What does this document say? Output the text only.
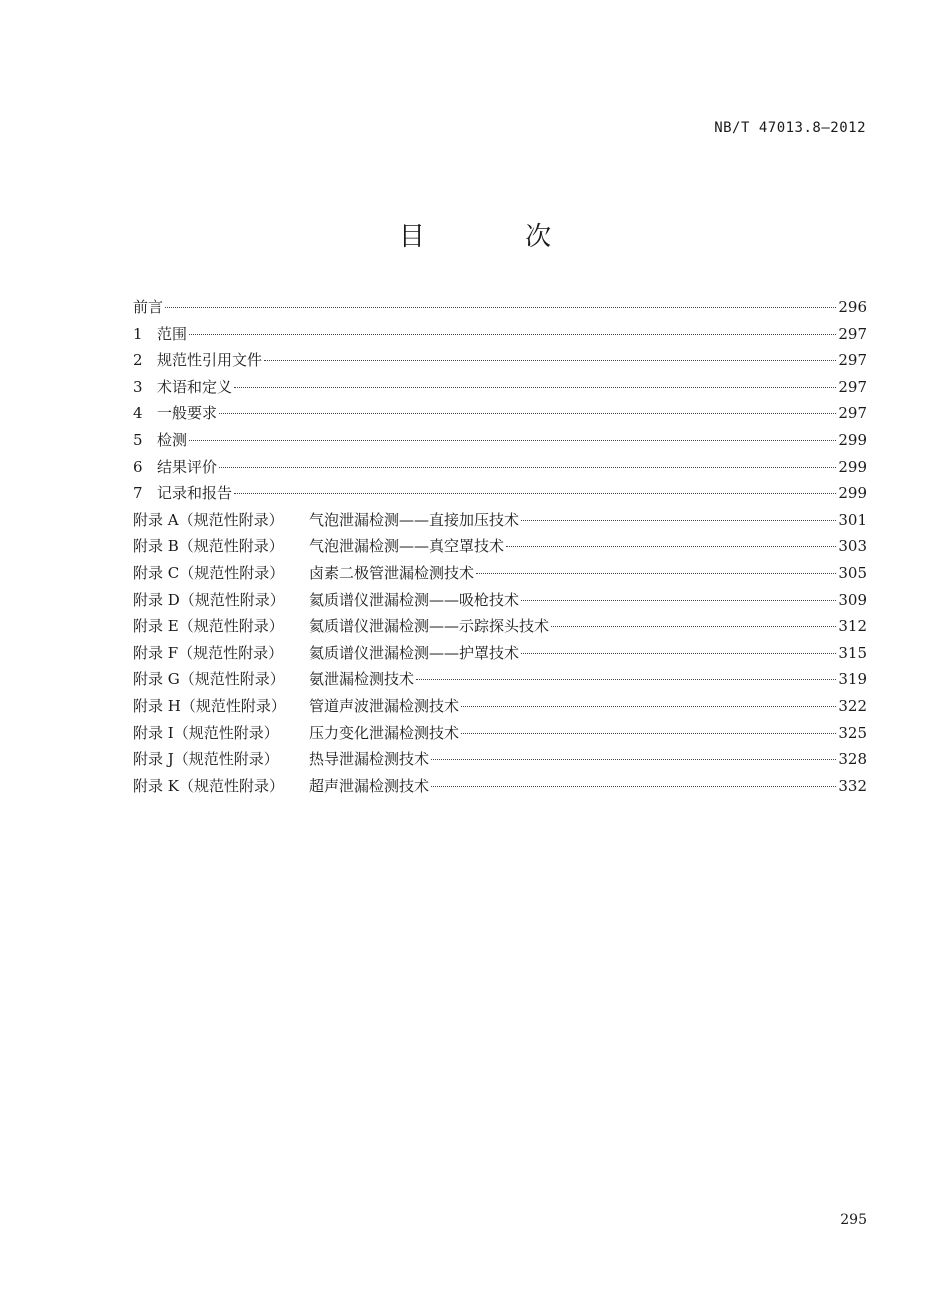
NB/T 47013.8—2012
目 次
前言	296
1 范围	297
2 规范性引用文件	297
3 术语和定义	297
4 一般要求	297
5 检测	299
6 结果评价	299
7 记录和报告	299
附录 A（规范性附录）	气泡泄漏检测——直接加压技术	301
附录 B（规范性附录）	气泡泄漏检测——真空罩技术	303
附录 C（规范性附录）	卤素二极管泄漏检测技术	305
附录 D（规范性附录）	氦质谱仪泄漏检测——吸枪技术	309
附录 E（规范性附录）	氦质谱仪泄漏检测——示踪探头技术	312
附录 F（规范性附录）	氦质谱仪泄漏检测——护罩技术	315
附录 G（规范性附录）	氨泄漏检测技术	319
附录 H（规范性附录）	管道声波泄漏检测技术	322
附录 I（规范性附录）	压力变化泄漏检测技术	325
附录 J（规范性附录）	热导泄漏检测技术	328
附录 K（规范性附录）	超声泄漏检测技术	332
295
